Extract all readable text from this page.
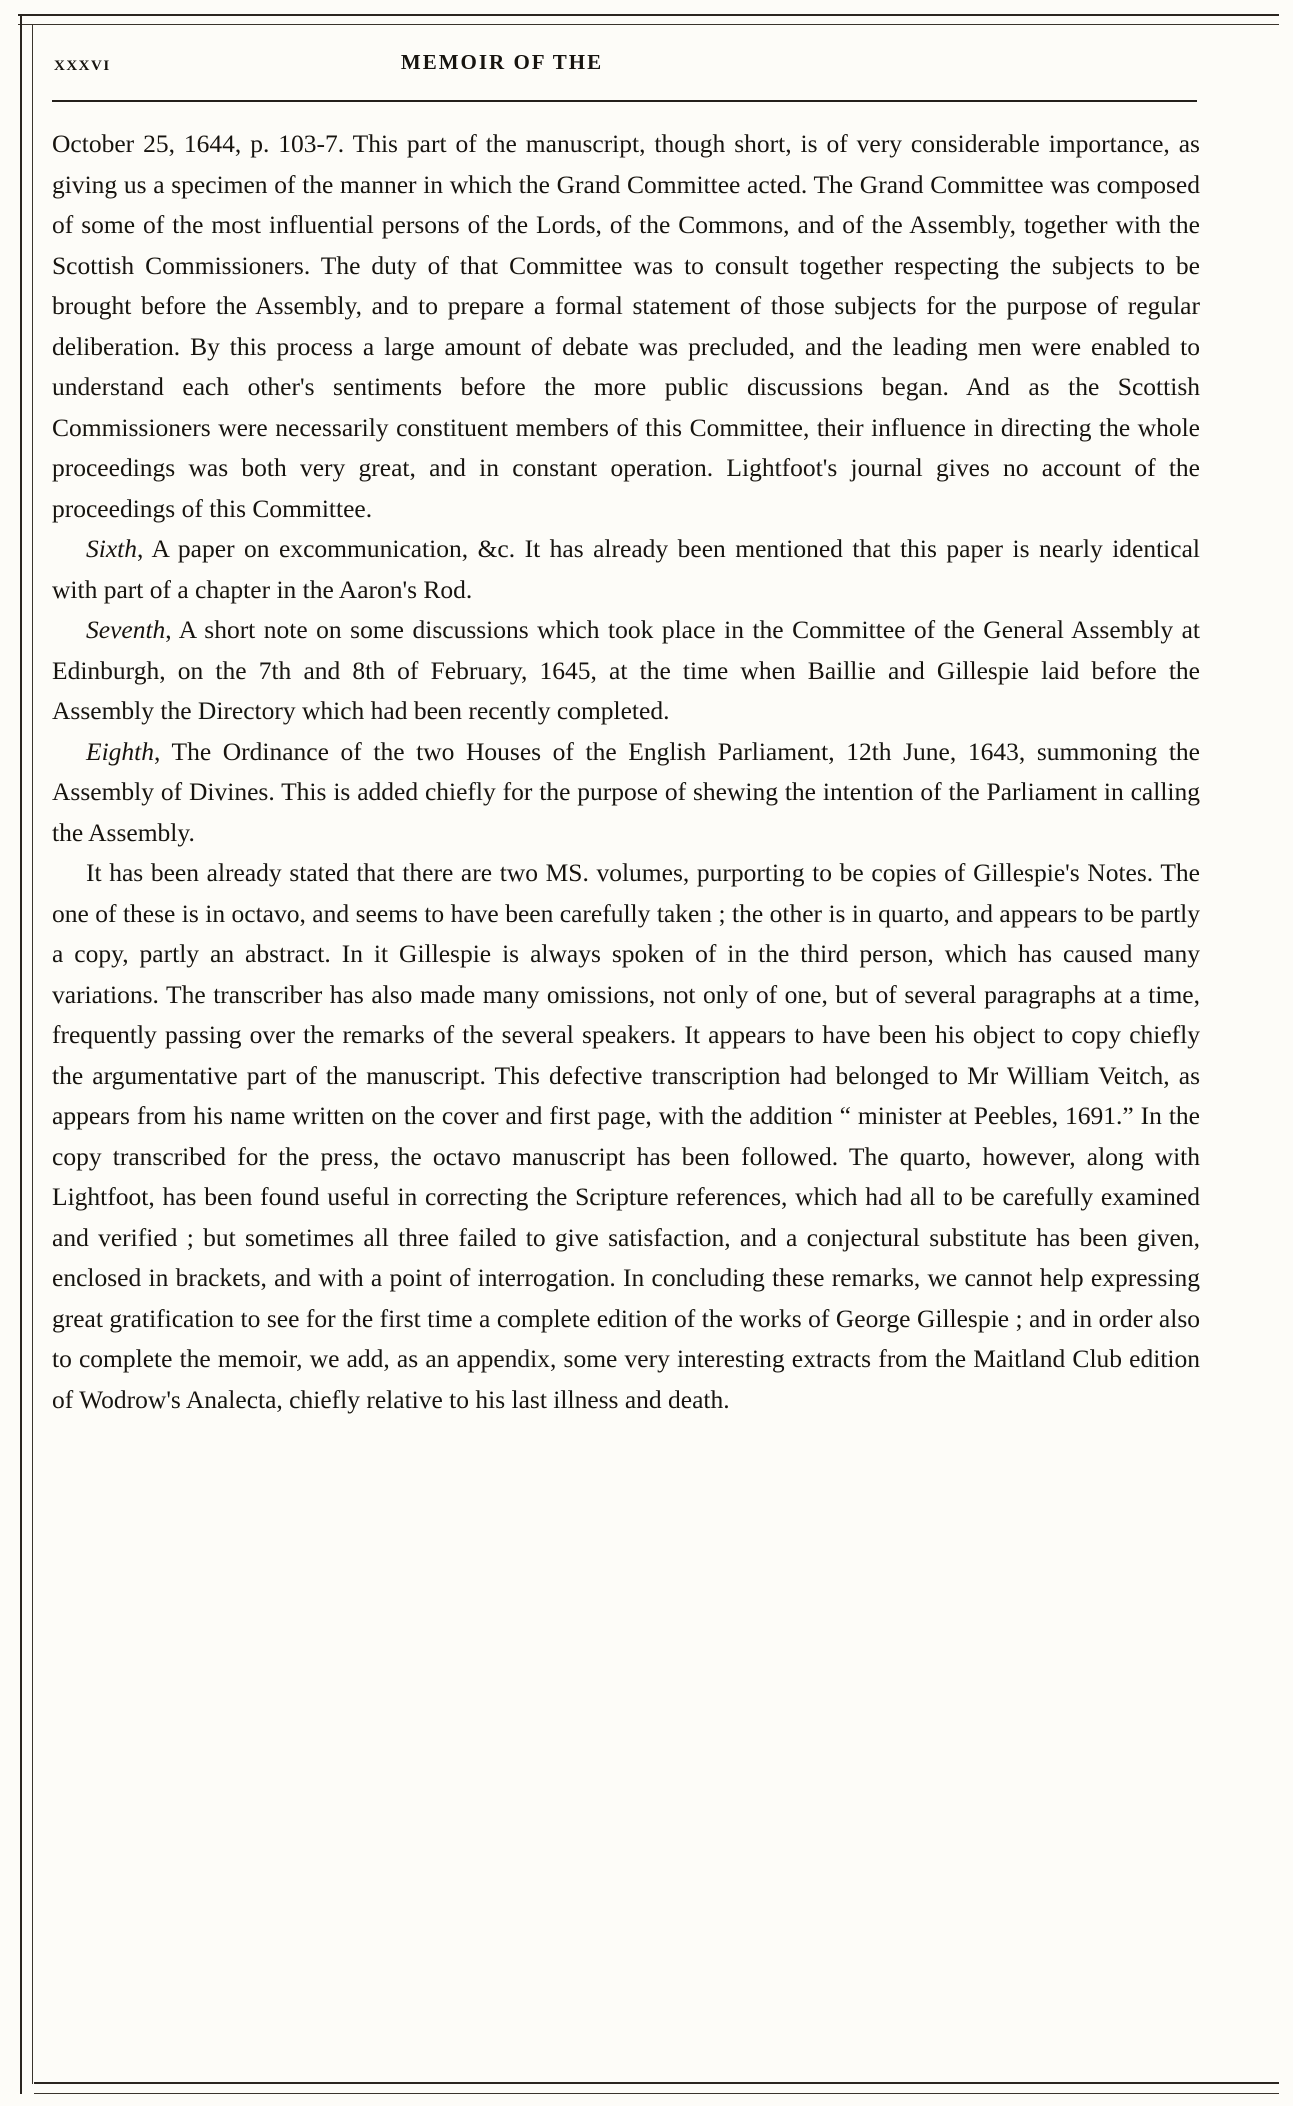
xxxvi	MEMOIR OF THE

October 25, 1644, p. 103-7. This part of the manuscript, though short, is of very considerable importance, as giving us a specimen of the manner in which the Grand Committee acted. The Grand Committee was composed of some of the most influential persons of the Lords, of the Commons, and of the Assembly, together with the Scottish Commissioners. The duty of that Committee was to consult together respecting the subjects to be brought before the Assembly, and to prepare a formal statement of those subjects for the purpose of regular deliberation. By this process a large amount of debate was precluded, and the leading men were enabled to understand each other's sentiments before the more public discussions began. And as the Scottish Commissioners were necessarily constituent members of this Committee, their influence in directing the whole proceedings was both very great, and in constant operation. Lightfoot's journal gives no account of the proceedings of this Committee.

Sixth, A paper on excommunication, &c. It has already been mentioned that this paper is nearly identical with part of a chapter in the Aaron's Rod.

Seventh, A short note on some discussions which took place in the Committee of the General Assembly at Edinburgh, on the 7th and 8th of February, 1645, at the time when Baillie and Gillespie laid before the Assembly the Directory which had been recently completed.

Eighth, The Ordinance of the two Houses of the English Parliament, 12th June, 1643, summoning the Assembly of Divines. This is added chiefly for the purpose of shewing the intention of the Parliament in calling the Assembly.

It has been already stated that there are two MS. volumes, purporting to be copies of Gillespie's Notes. The one of these is in octavo, and seems to have been carefully taken ; the other is in quarto, and appears to be partly a copy, partly an abstract. In it Gillespie is always spoken of in the third person, which has caused many variations. The transcriber has also made many omissions, not only of one, but of several paragraphs at a time, frequently passing over the remarks of the several speakers. It appears to have been his object to copy chiefly the argumentative part of the manuscript. This defective transcription had belonged to Mr William Veitch, as appears from his name written on the cover and first page, with the addition “ minister at Peebles, 1691.” In the copy transcribed for the press, the octavo manuscript has been followed. The quarto, however, along with Lightfoot, has been found useful in correcting the Scripture references, which had all to be carefully examined and verified ; but sometimes all three failed to give satisfaction, and a conjectural substitute has been given, enclosed in brackets, and with a point of interrogation. In concluding these remarks, we cannot help expressing great gratification to see for the first time a complete edition of the works of George Gillespie ; and in order also to complete the memoir, we add, as an appendix, some very interesting extracts from the Maitland Club edition of Wodrow's Analecta, chiefly relative to his last illness and death.
